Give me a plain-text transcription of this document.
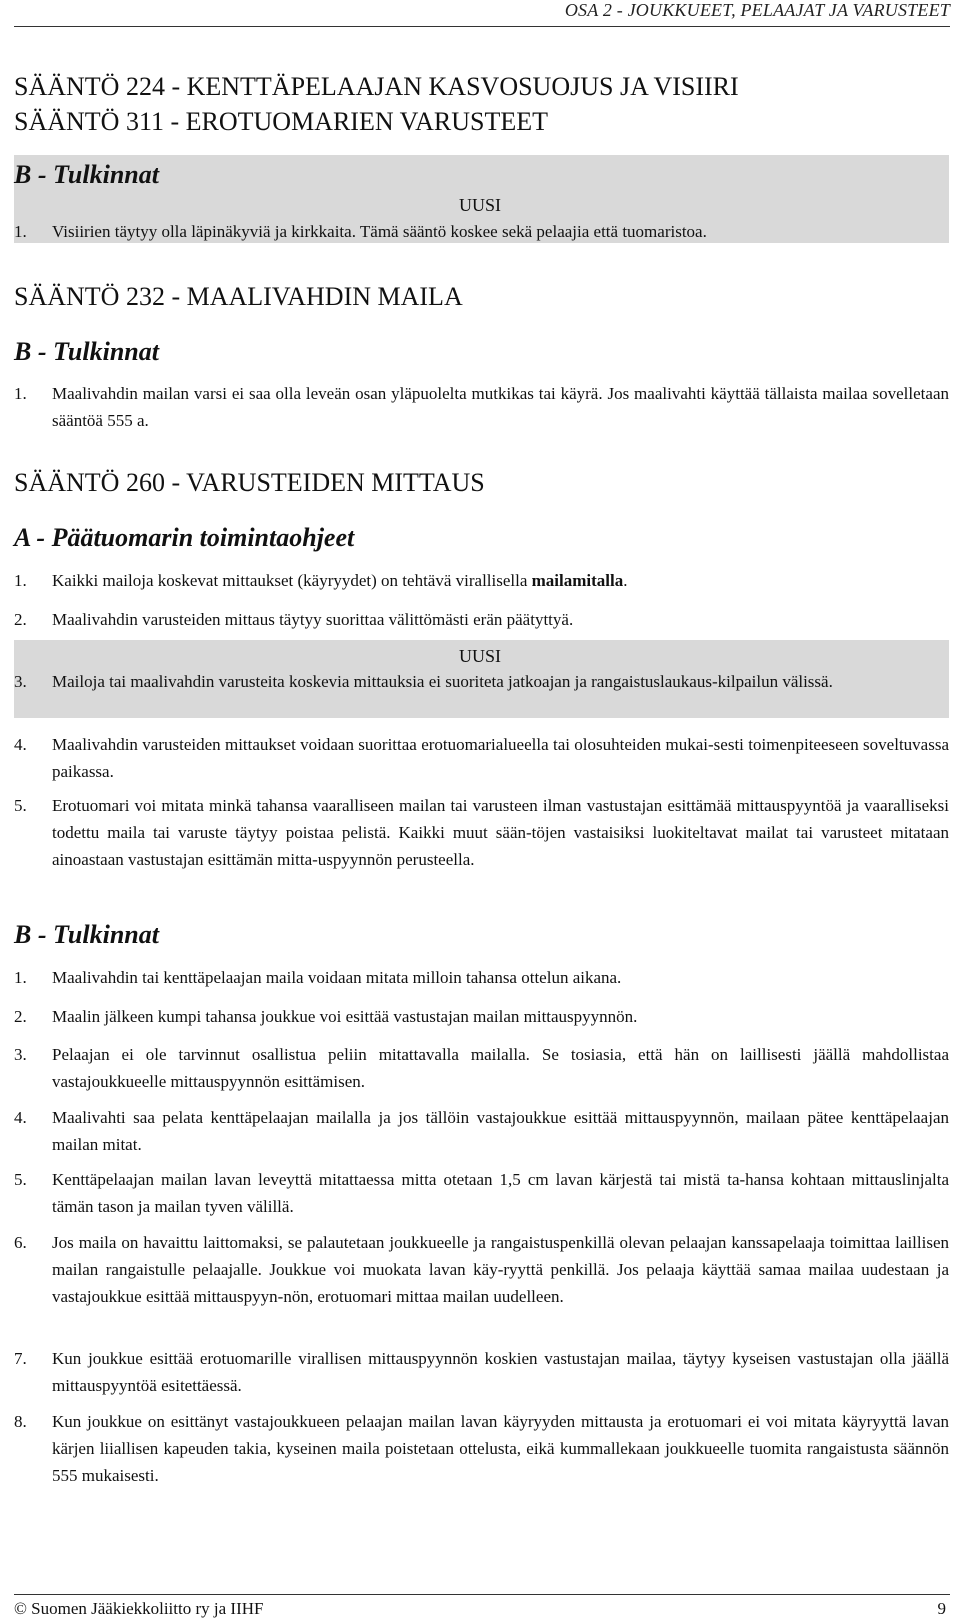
OSA 2 - JOUKKUEET, PELAAJAT JA VARUSTEET
SÄÄNTÖ 224 - KENTTÄPELAAJAN KASVOSUOJUS JA VISIIRI
SÄÄNTÖ 311 - EROTUOMARIEN VARUSTEET
B - Tulkinnat
UUSI
1. Visiirien täytyy olla läpinäkyviä ja kirkkaita. Tämä sääntö koskee sekä pelaajia että tuomaristoa.
SÄÄNTÖ 232 - MAALIVAHDIN MAILA
B - Tulkinnat
1. Maalivahdin mailan varsi ei saa olla leveän osan yläpuolelta mutkikas tai käyrä. Jos maalivahti käyttää tällaista mailaa sovelletaan sääntöä 555 a.
SÄÄNTÖ 260 - VARUSTEIDEN MITTAUS
A - Päätuomarin toimintaohjeet
1. Kaikki mailoja koskevat mittaukset (käyryydet) on tehtävä virallisella mailamitalla.
2. Maalivahdin varusteiden mittaus täytyy suorittaa välittömästi erän päätyttyä.
UUSI
3. Mailoja tai maalivahdin varusteita koskevia mittauksia ei suoriteta jatkoajan ja rangaistuslaukaus-kilpailun välissä.
4. Maalivahdin varusteiden mittaukset voidaan suorittaa erotuomarialueella tai olosuhteiden mukai-sesti toimenpiteeseen soveltuvassa paikassa.
5. Erotuomari voi mitata minkä tahansa vaaralliseen mailan tai varusteen ilman vastustajan esittämää mittauspyyntöä ja vaaralliseksi todettu maila tai varuste täytyy poistaa pelistä. Kaikki muut sään-töjen vastaisiksi luokiteltavat mailat tai varusteet mitataan ainoastaan vastustajan esittämän mitta-uspyynnön perusteella.
B - Tulkinnat
1. Maalivahdin tai kenttäpelaajan maila voidaan mitata milloin tahansa ottelun aikana.
2. Maalin jälkeen kumpi tahansa joukkue voi esittää vastustajan mailan mittauspyynnön.
3. Pelaajan ei ole tarvinnut osallistua peliin mitattavalla mailalla. Se tosiasia, että hän on laillisesti jäällä mahdollistaa vastajoukkueelle mittauspyynnön esittämisen.
4. Maalivahti saa pelata kenttäpelaajan mailalla ja jos tällöin vastajoukkue esittää mittauspyynnön, mailaan pätee kenttäpelaajan mailan mitat.
5. Kenttäpelaajan mailan lavan leveyttä mitattaessa mitta otetaan 1,5 cm lavan kärjestä tai mistä ta-hansa kohtaan mittauslinjalta tämän tason ja mailan tyven välillä.
6. Jos maila on havaittu laittomaksi, se palautetaan joukkueelle ja rangaistuspenkillä olevan pelaajan kanssapelaaja toimittaa laillisen mailan rangaistulle pelaajalle. Joukkue voi muokata lavan käy-ryyttä penkillä. Jos pelaaja käyttää samaa mailaa uudestaan ja vastajoukkue esittää mittauspyyn-nön, erotuomari mittaa mailan uudelleen.
7. Kun joukkue esittää erotuomarille virallisen mittauspyynnön koskien vastustajan mailaa, täytyy kyseisen vastustajan olla jäällä mittauspyyntöä esitettäessä.
8. Kun joukkue on esittänyt vastajoukkueen pelaajan mailan lavan käyryyden mittausta ja erotuomari ei voi mitata käyryyttä lavan kärjen liiallisen kapeuden takia, kyseinen maila poistetaan ottelusta, eikä kummallekaan joukkueelle tuomita rangaistusta säännön 555 mukaisesti.
© Suomen Jääkiekkoliitto ry ja IIHF	9
